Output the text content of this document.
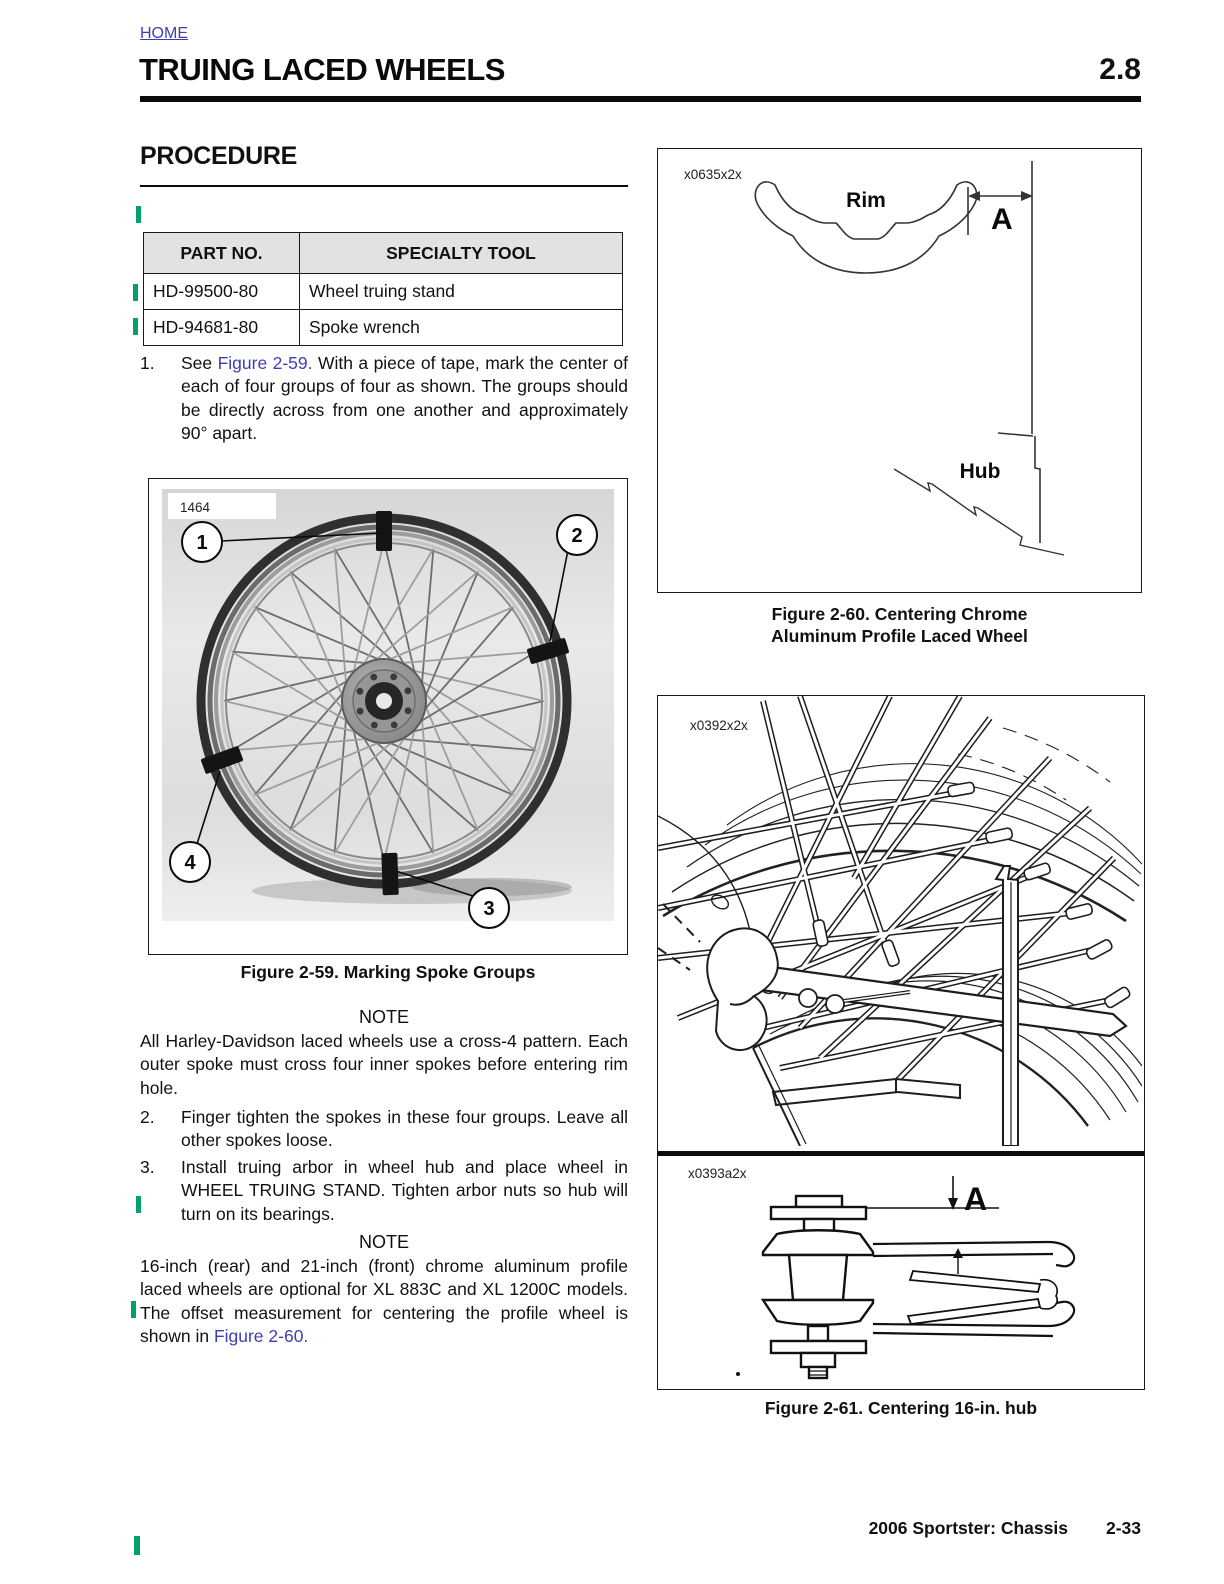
HOME
TRUING LACED WHEELS	2.8
PROCEDURE
PART NO.	SPECIALTY TOOL
HD-99500-80	Wheel truing stand
HD-94681-80	Spoke wrench
1.	See Figure 2-59. With a piece of tape, mark the center of each of four groups of four as shown. The groups should be directly across from one another and approximately 90° apart.
1464
1	2
3
4
Figure 2-59. Marking Spoke Groups
NOTE
All Harley-Davidson laced wheels use a cross-4 pattern. Each outer spoke must cross four inner spokes before entering rim hole.
2.	Finger tighten the spokes in these four groups. Leave all other spokes loose.
3.	Install truing arbor in wheel hub and place wheel in WHEEL TRUING STAND. Tighten arbor nuts so hub will turn on its bearings.
NOTE
16-inch (rear) and 21-inch (front) chrome aluminum profile laced wheels are optional for XL 883C and XL 1200C models. The offset measurement for centering the profile wheel is shown in Figure 2-60.
x0635x2x
Rim
A
Hub
Figure 2-60. Centering Chrome
Aluminum Profile Laced Wheel
x0392x2x
x0393a2x
A
Figure 2-61. Centering 16-in. hub
2006 Sportster: Chassis 2-33
